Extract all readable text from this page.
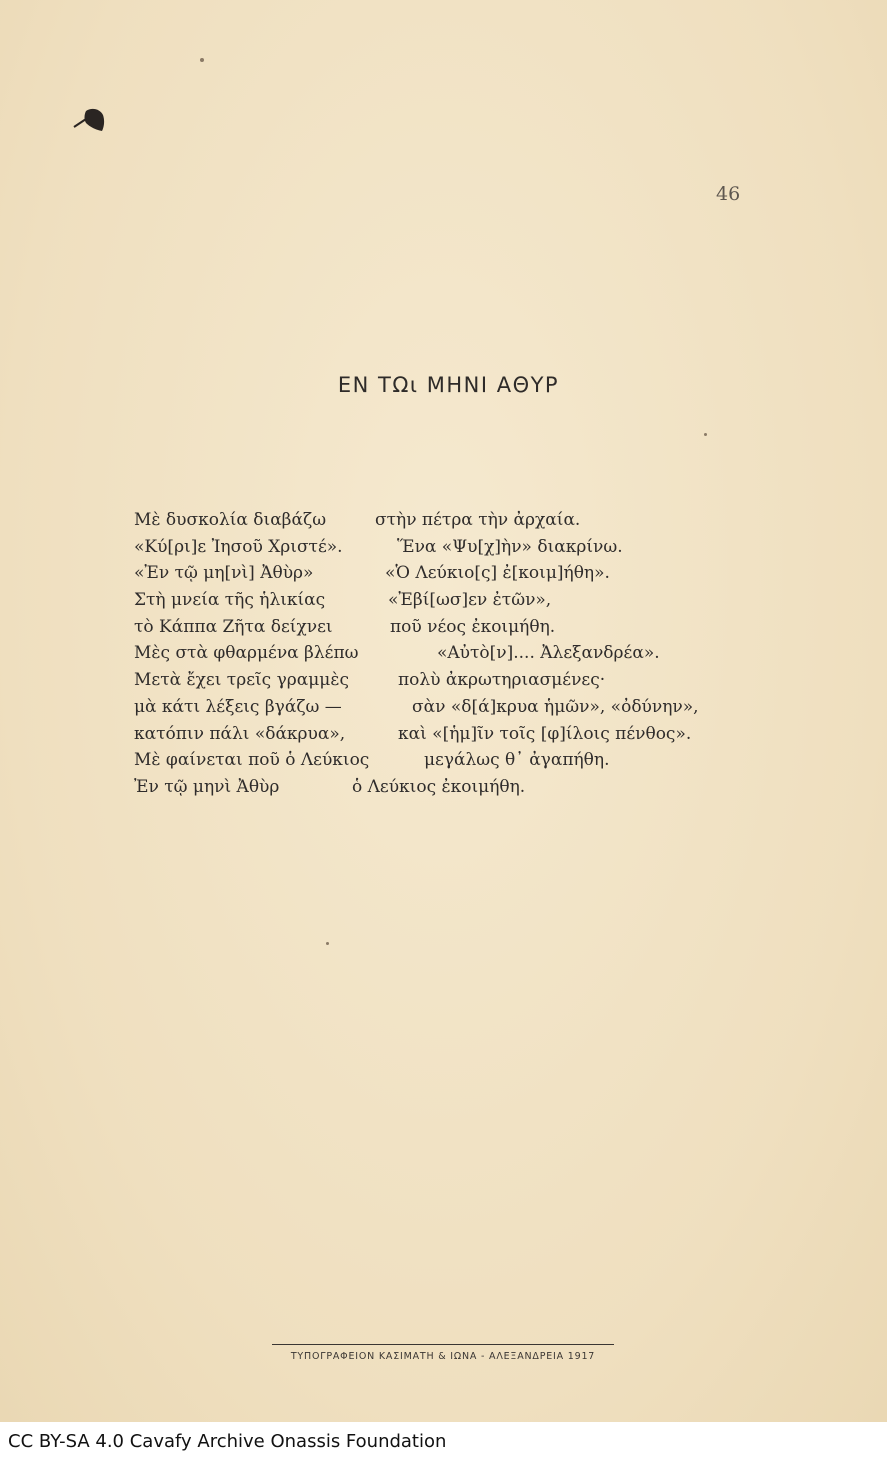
46
ΕΝ ΤΩι ΜΗΝΙ ΑΘΥΡ
Μὲ δυσκολία διαβάζω	στὴν πέτρα τὴν ἀρχαία.
«Κύ[ρι]ε Ἰησοῦ Χριστέ».	Ἕνα «Ψυ[χ]ὴν» διακρίνω.
«Ἐν τῷ μη[νὶ] Ἀθὺρ»	«Ὁ Λεύκιο[ς] ἐ[κοιμ]ήθη».
Στὴ μνεία τῆς ἡλικίας	«Ἐβί[ωσ]εν ἐτῶν»,
τὸ Κάππα Ζῆτα δείχνει	ποῦ νέος ἐκοιμήθη.
Μὲς στὰ φθαρμένα βλέπω	«Αὐτὸ[ν].... Ἀλεξανδρέα».
Μετὰ ἔχει τρεῖς γραμμὲς	πολὺ ἀκρωτηριασμένες·
μὰ κάτι λέξεις βγάζω —	σὰν «δ[ά]κρυα ἡμῶν», «ὀδύνην»,
κατόπιν πάλι «δάκρυα»,	καὶ «[ἡμ]ῖν τοῖς [φ]ίλοις πένθος».
Μὲ φαίνεται ποῦ ὁ Λεύκιος	μεγάλως θ᾿ ἀγαπήθη.
Ἐν τῷ μηνὶ Ἀθὺρ	ὁ Λεύκιος ἐκοιμήθη.
ΤΥΠΟΓΡΑΦΕΙΟΝ ΚΑΣΙΜΑΤΗ & ΙΩΝΑ - ΑΛΕΞΑΝΔΡΕΙΑ 1917
CC BY-SA 4.0 Cavafy Archive Onassis Foundation
